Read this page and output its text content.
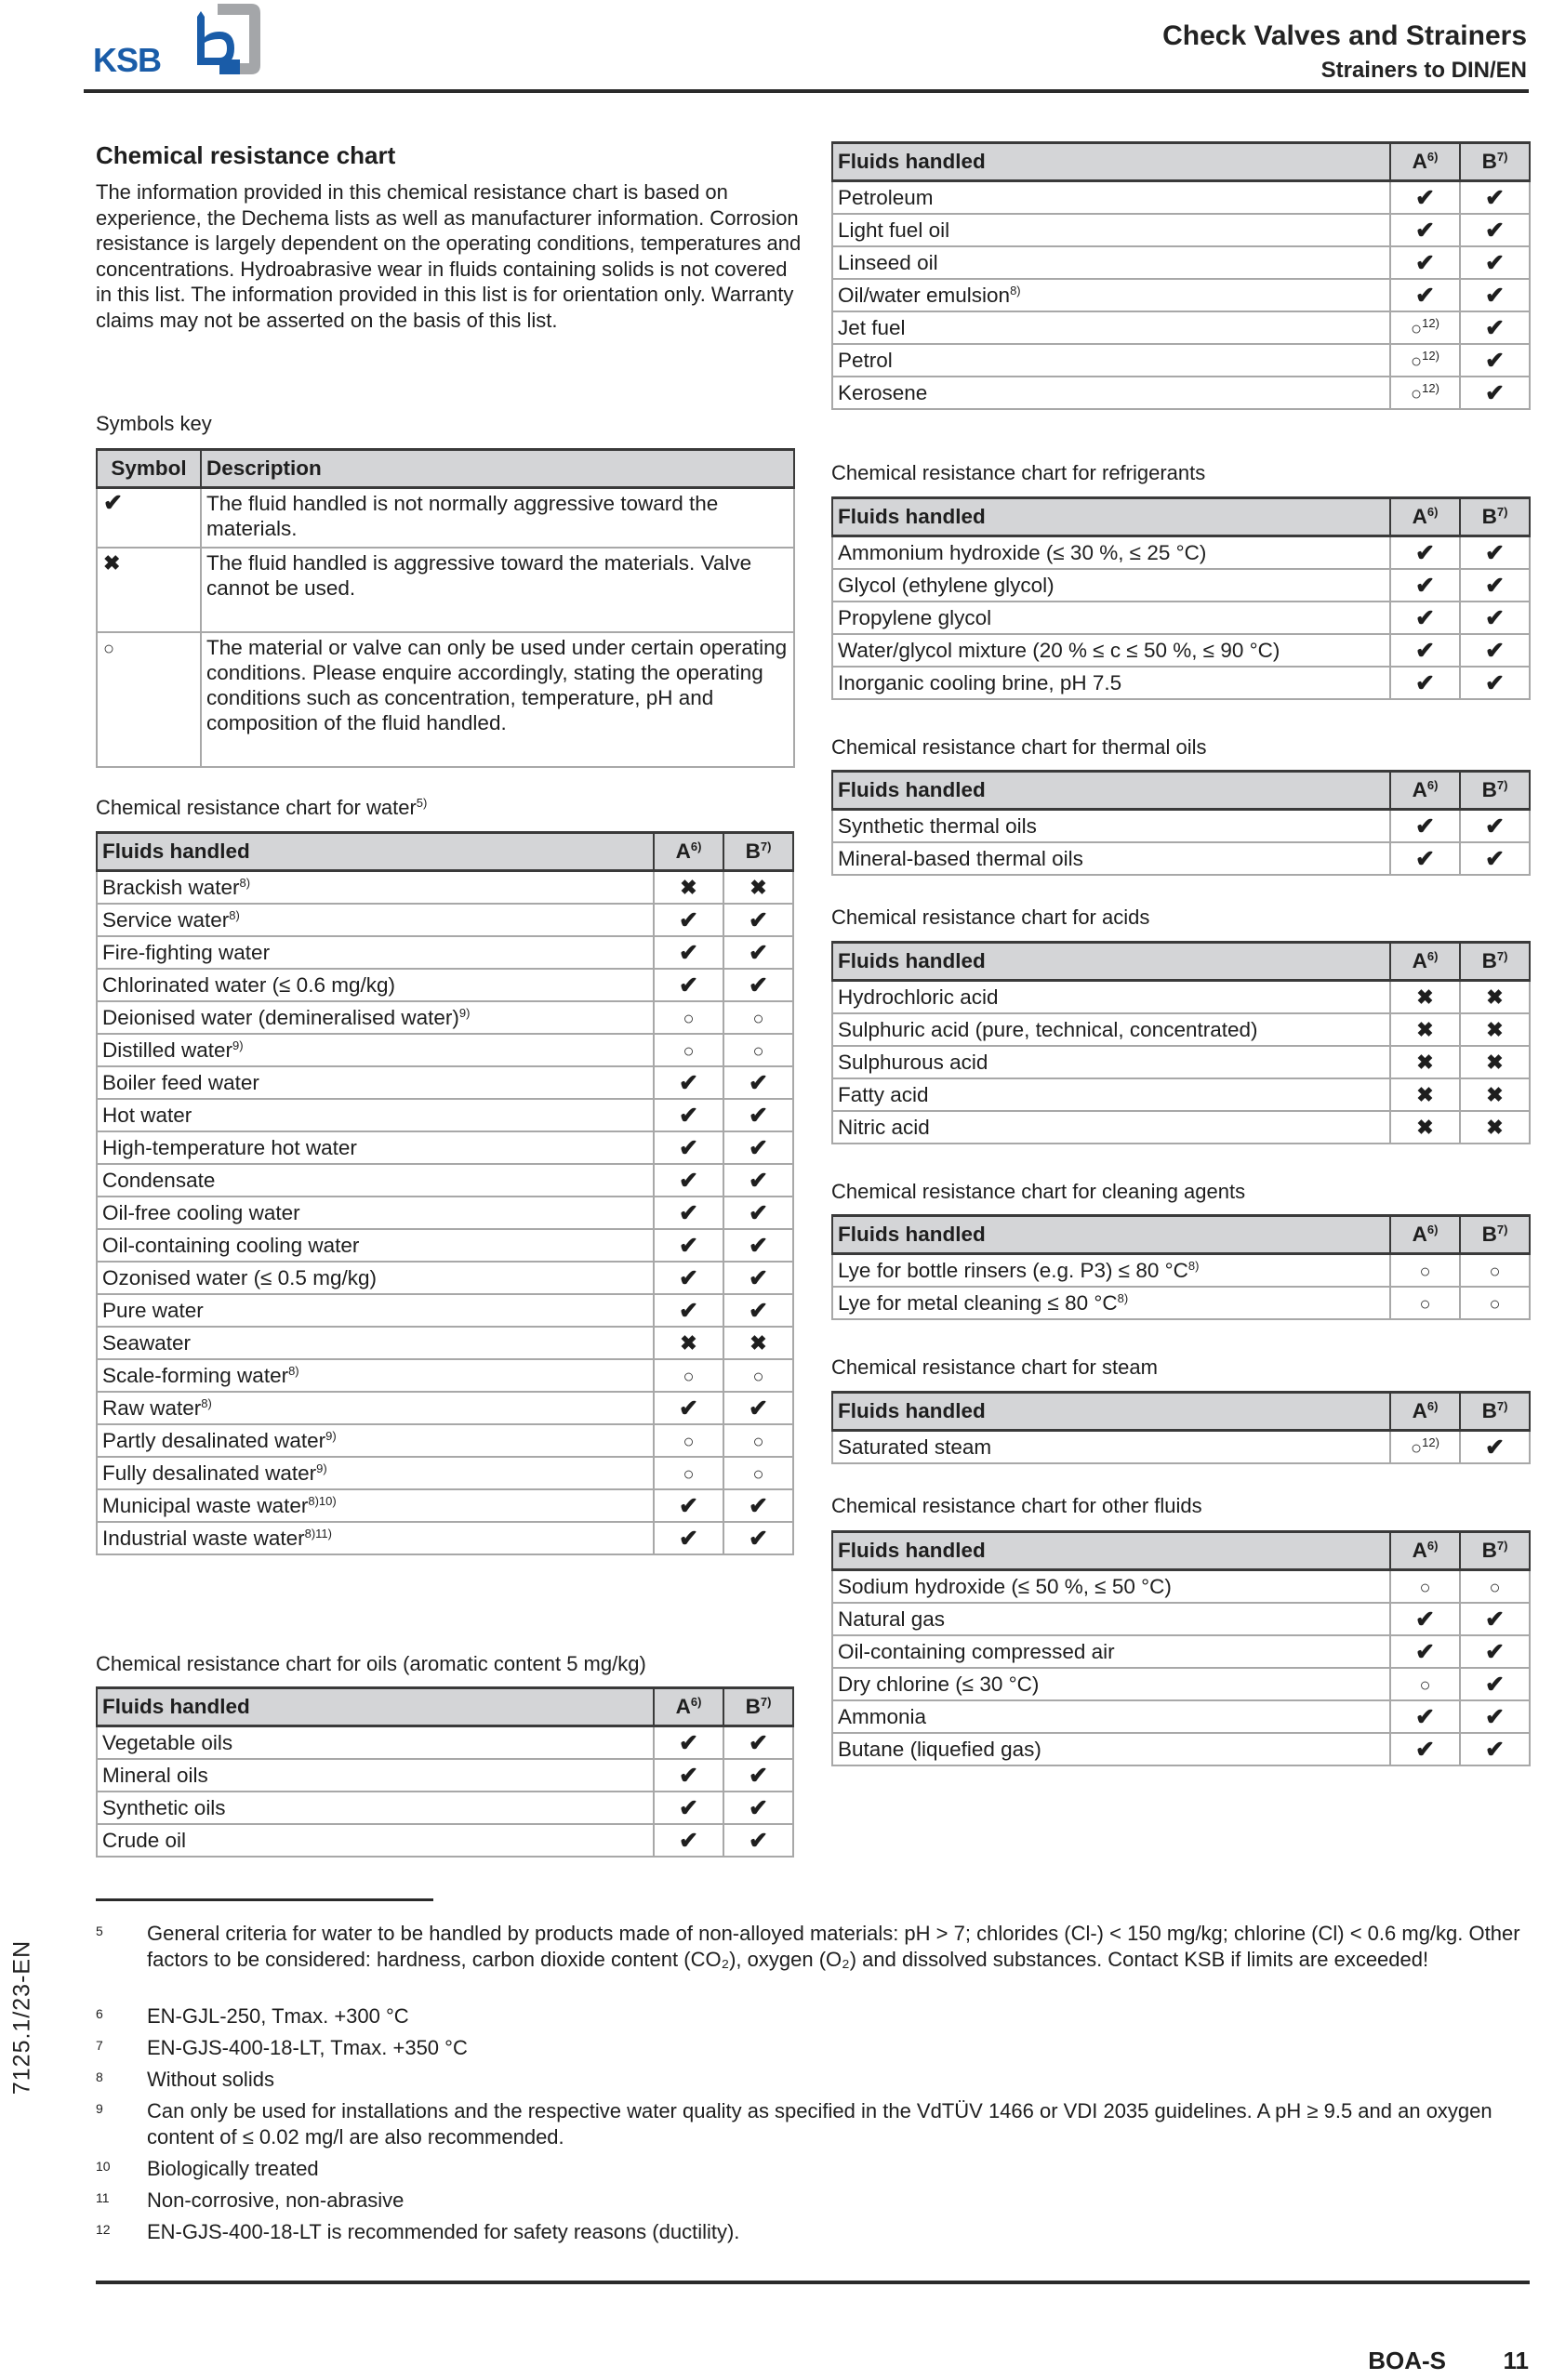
KSB
Check Valves and Strainers
Strainers to DIN/EN
Chemical resistance chart
The information provided in this chemical resistance chart is based on experience, the Dechema lists as well as manufacturer information. Corrosion resistance is largely dependent on the operating conditions, temperatures and concentrations. Hydroabrasive wear in fluids containing solids is not covered in this list. The information provided in this list is for orientation only. Warranty claims may not be asserted on the basis of this list.
Symbols key
Symbol	Description
✔	The fluid handled is not normally aggressive toward the materials.
✖	The fluid handled is aggressive toward the materials. Valve cannot be used.
○	The material or valve can only be used under certain operating conditions. Please enquire accordingly, stating the operating conditions such as concentration, temperature, pH and composition of the fluid handled.
Chemical resistance chart for water$^{5)}$
Fluids handled	$A^{6)}$	$B^{7)}$
Brackish water$^{8)}$	✖	✖
Service water$^{8)}$	✔	✔
Fire-fighting water	✔	✔
Chlorinated water (≤ 0.6 mg/kg)	✔	✔
Deionised water (demineralised water)$^{9)}$	○	○
Distilled water$^{9)}$	○	○
Boiler feed water	✔	✔
Hot water	✔	✔
High-temperature hot water	✔	✔
Condensate	✔	✔
Oil-free cooling water	✔	✔
Oil-containing cooling water	✔	✔
Ozonised water (≤ 0.5 mg/kg)	✔	✔
Pure water	✔	✔
Seawater	✖	✖
Scale-forming water$^{8)}$	○	○
Raw water$^{8)}$	✔	✔
Partly desalinated water$^{9)}$	○	○
Fully desalinated water$^{9)}$	○	○
Municipal waste water$^{8)10)}$	✔	✔
Industrial waste water$^{8)11)}$	✔	✔
Chemical resistance chart for oils (aromatic content 5 mg/kg)
Fluids handled	$A^{6)}$	$B^{7)}$
Vegetable oils	✔	✔
Mineral oils	✔	✔
Synthetic oils	✔	✔
Crude oil	✔	✔
Fluids handled	$A^{6)}$	$B^{7)}$
Petroleum	✔	✔
Light fuel oil	✔	✔
Linseed oil	✔	✔
Oil/water emulsion$^{8)}$	✔	✔
Jet fuel	○$^{12)}$	✔
Petrol	○$^{12)}$	✔
Kerosene	○$^{12)}$	✔
Chemical resistance chart for refrigerants
Fluids handled	$A^{6)}$	$B^{7)}$
Ammonium hydroxide (≤ 30 %, ≤ 25 °C)	✔	✔
Glycol (ethylene glycol)	✔	✔
Propylene glycol	✔	✔
Water/glycol mixture (20 % ≤ c ≤ 50 %, ≤ 90 °C)	✔	✔
Inorganic cooling brine, pH 7.5	✔	✔
Chemical resistance chart for thermal oils
Fluids handled	$A^{6)}$	$B^{7)}$
Synthetic thermal oils	✔	✔
Mineral-based thermal oils	✔	✔
Chemical resistance chart for acids
Fluids handled	$A^{6)}$	$B^{7)}$
Hydrochloric acid	✖	✖
Sulphuric acid (pure, technical, concentrated)	✖	✖
Sulphurous acid	✖	✖
Fatty acid	✖	✖
Nitric acid	✖	✖
Chemical resistance chart for cleaning agents
Fluids handled	$A^{6)}$	$B^{7)}$
Lye for bottle rinsers (e.g. P3) ≤ 80 $^\circ C^{8)}$	○	○
Lye for metal cleaning ≤ 80 $^\circ C^{8)}$	○	○
Chemical resistance chart for steam
Fluids handled	$A^{6)}$	$B^{7)}$
Saturated steam	○$^{12)}$	✔
Chemical resistance chart for other fluids
Fluids handled	$A^{6)}$	$B^{7)}$
Sodium hydroxide (≤ 50 %, ≤ 50 °C)	○	○
Natural gas	✔	✔
Oil-containing compressed air	✔	✔
Dry chlorine (≤ 30 °C)	○	✔
Ammonia	✔	✔
Butane (liquefied gas)	✔	✔
7125.1/23-EN
5 General criteria for water to be handled by products made of non-alloyed materials: pH > 7; chlorides (Cl-) < 150 mg/kg; chlorine (Cl) < 0.6 mg/kg. Other factors to be considered: hardness, carbon dioxide content (CO₂), oxygen (O₂) and dissolved substances. Contact KSB if limits are exceeded!
6 EN-GJL-250, Tmax. +300 °C
7 EN-GJS-400-18-LT, Tmax. +350 °C
8 Without solids
9 Can only be used for installations and the respective water quality as specified in the VdTÜV 1466 or VDI 2035 guidelines. A pH ≥ 9.5 and an oxygen content of ≤ 0.02 mg/l are also recommended.
10 Biologically treated
11 Non-corrosive, non-abrasive
12 EN-GJS-400-18-LT is recommended for safety reasons (ductility).
BOA-S 11
